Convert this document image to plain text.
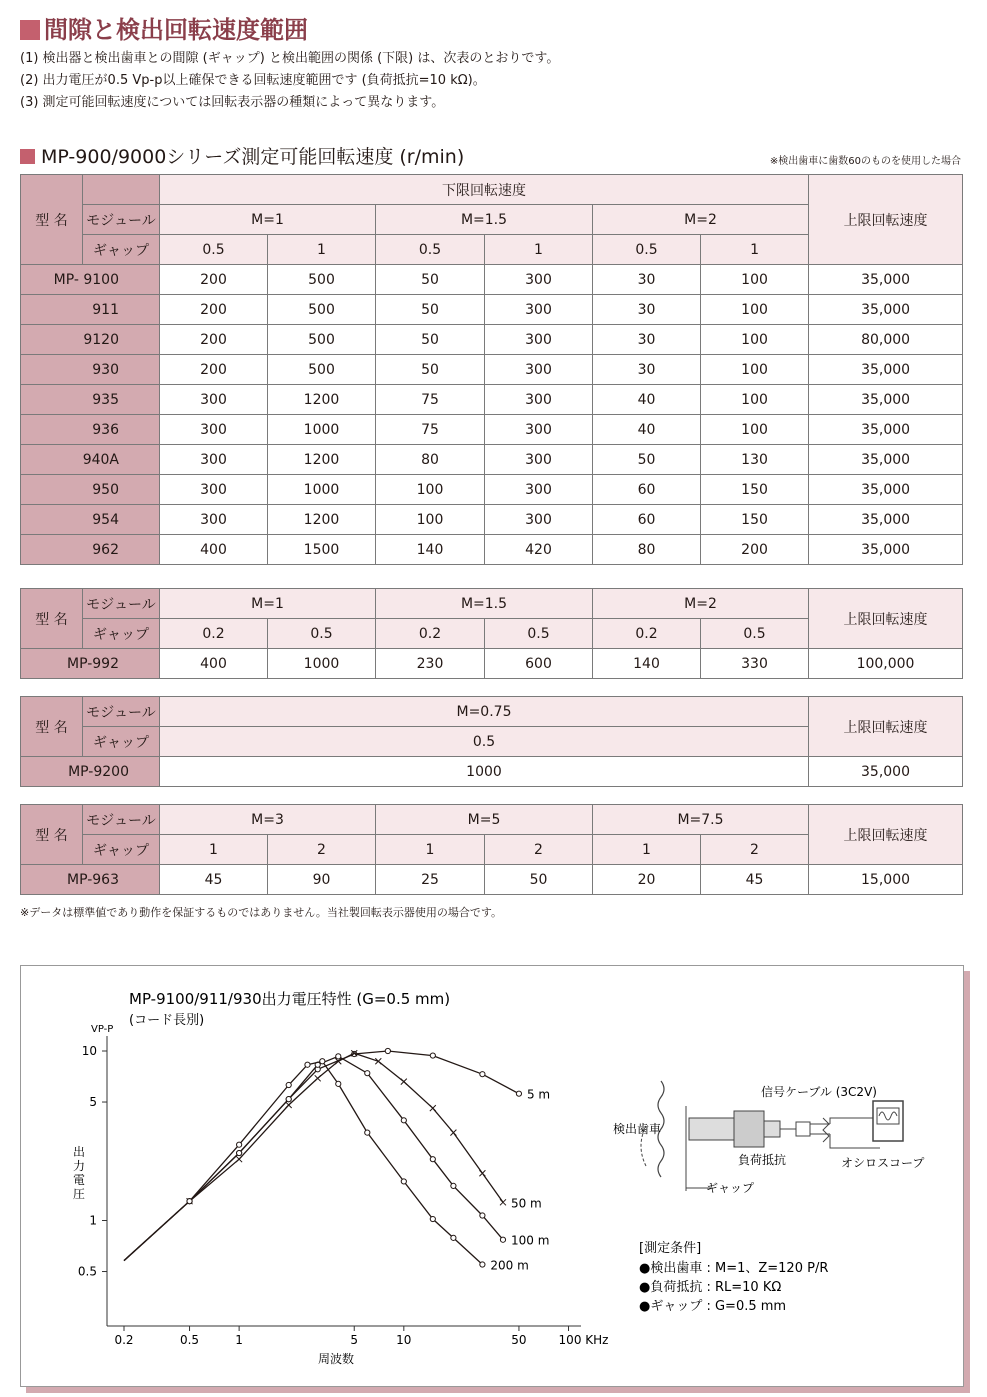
間隙と検出回転速度範囲
(1) 検出器と検出歯車との間隙 (ギャップ) と検出範囲の関係 (下限) は、次表のとおりです。
(2) 出力電圧が0.5 Vp-p以上確保できる回転速度範囲です (負荷抵抗=10 kΩ)。
(3) 測定可能回転速度については回転表示器の種類によって異なります。
MP-900/9000シリーズ測定可能回転速度 (r/min)	※検出歯車に歯数60のものを使用した場合
型 名		下限回転速度						上限回転速度
	モジュール	M=1		M=1.5		M=2		
	ギャップ	0.5	1	0.5	1	0.5	1	
MP- 9100		200	500	50	300	30	100	35,000
911		200	500	50	300	30	100	35,000
9120		200	500	50	300	30	100	80,000
930		200	500	50	300	30	100	35,000
935		300	1200	75	300	40	100	35,000
936		300	1000	75	300	40	100	35,000
940A		300	1200	80	300	50	130	35,000
950		300	1000	100	300	60	150	35,000
954		300	1200	100	300	60	150	35,000
962		400	1500	140	420	80	200	35,000
型 名	モジュール	M=1		M=1.5		M=2		上限回転速度
	ギャップ	0.2	0.5	0.2	0.5	0.2	0.5	
MP-992		400	1000	230	600	140	330	100,000
型 名	モジュール	M=0.75	上限回転速度
	ギャップ	0.5	
MP-9200		1000	35,000
型 名	モジュール	M=3		M=5		M=7.5		上限回転速度
	ギャップ	1	2	1	2	1	2	
MP-963		45	90	25	50	20	45	15,000
※データは標準値であり動作を保証するものではありません。当社製回転表示器使用の場合です。
MP-9100/911/930出力電圧特性 (G=0.5 mm)
(コード長別)
VP-P
出力電圧
周波数
0.2	0.5	1	5	10	50	100 KHz
10
5
1
0.5
5 m
50 m
100 m
200 m
検出歯車
信号ケーブル (3C2V)
負荷抵抗	オシロスコープ
ギャップ
[測定条件]
●検出歯車 : M=1、Z=120 P/R
●負荷抵抗 : RL=10 KΩ
●ギャップ : G=0.5 mm
